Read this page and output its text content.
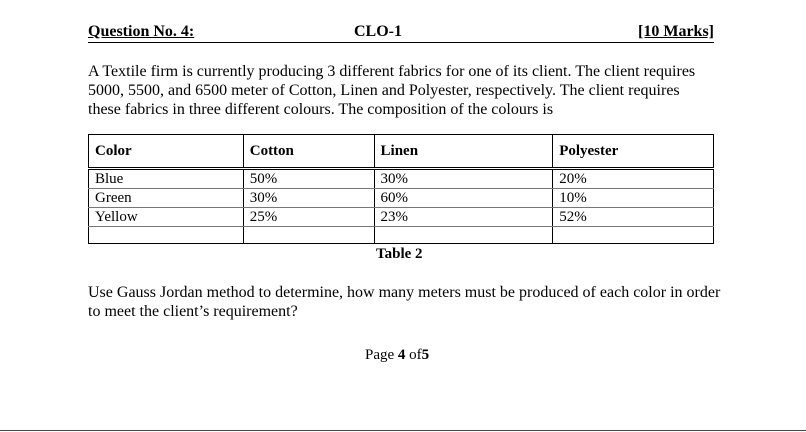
Question No. 4:	CLO-1	[10 Marks]
A Textile firm is currently producing 3 different fabrics for one of its client. The client requires 5000, 5500, and 6500 meter of Cotton, Linen and Polyester, respectively. The client requires these fabrics in three different colours. The composition of the colours is
Color	Cotton	Linen	Polyester
Blue	50%	30%	20%
Green	30%	60%	10%
Yellow	25%	23%	52%

Table 2
Use Gauss Jordan method to determine, how many meters must be produced of each color in order to meet the client’s requirement?
Page 4 of5
